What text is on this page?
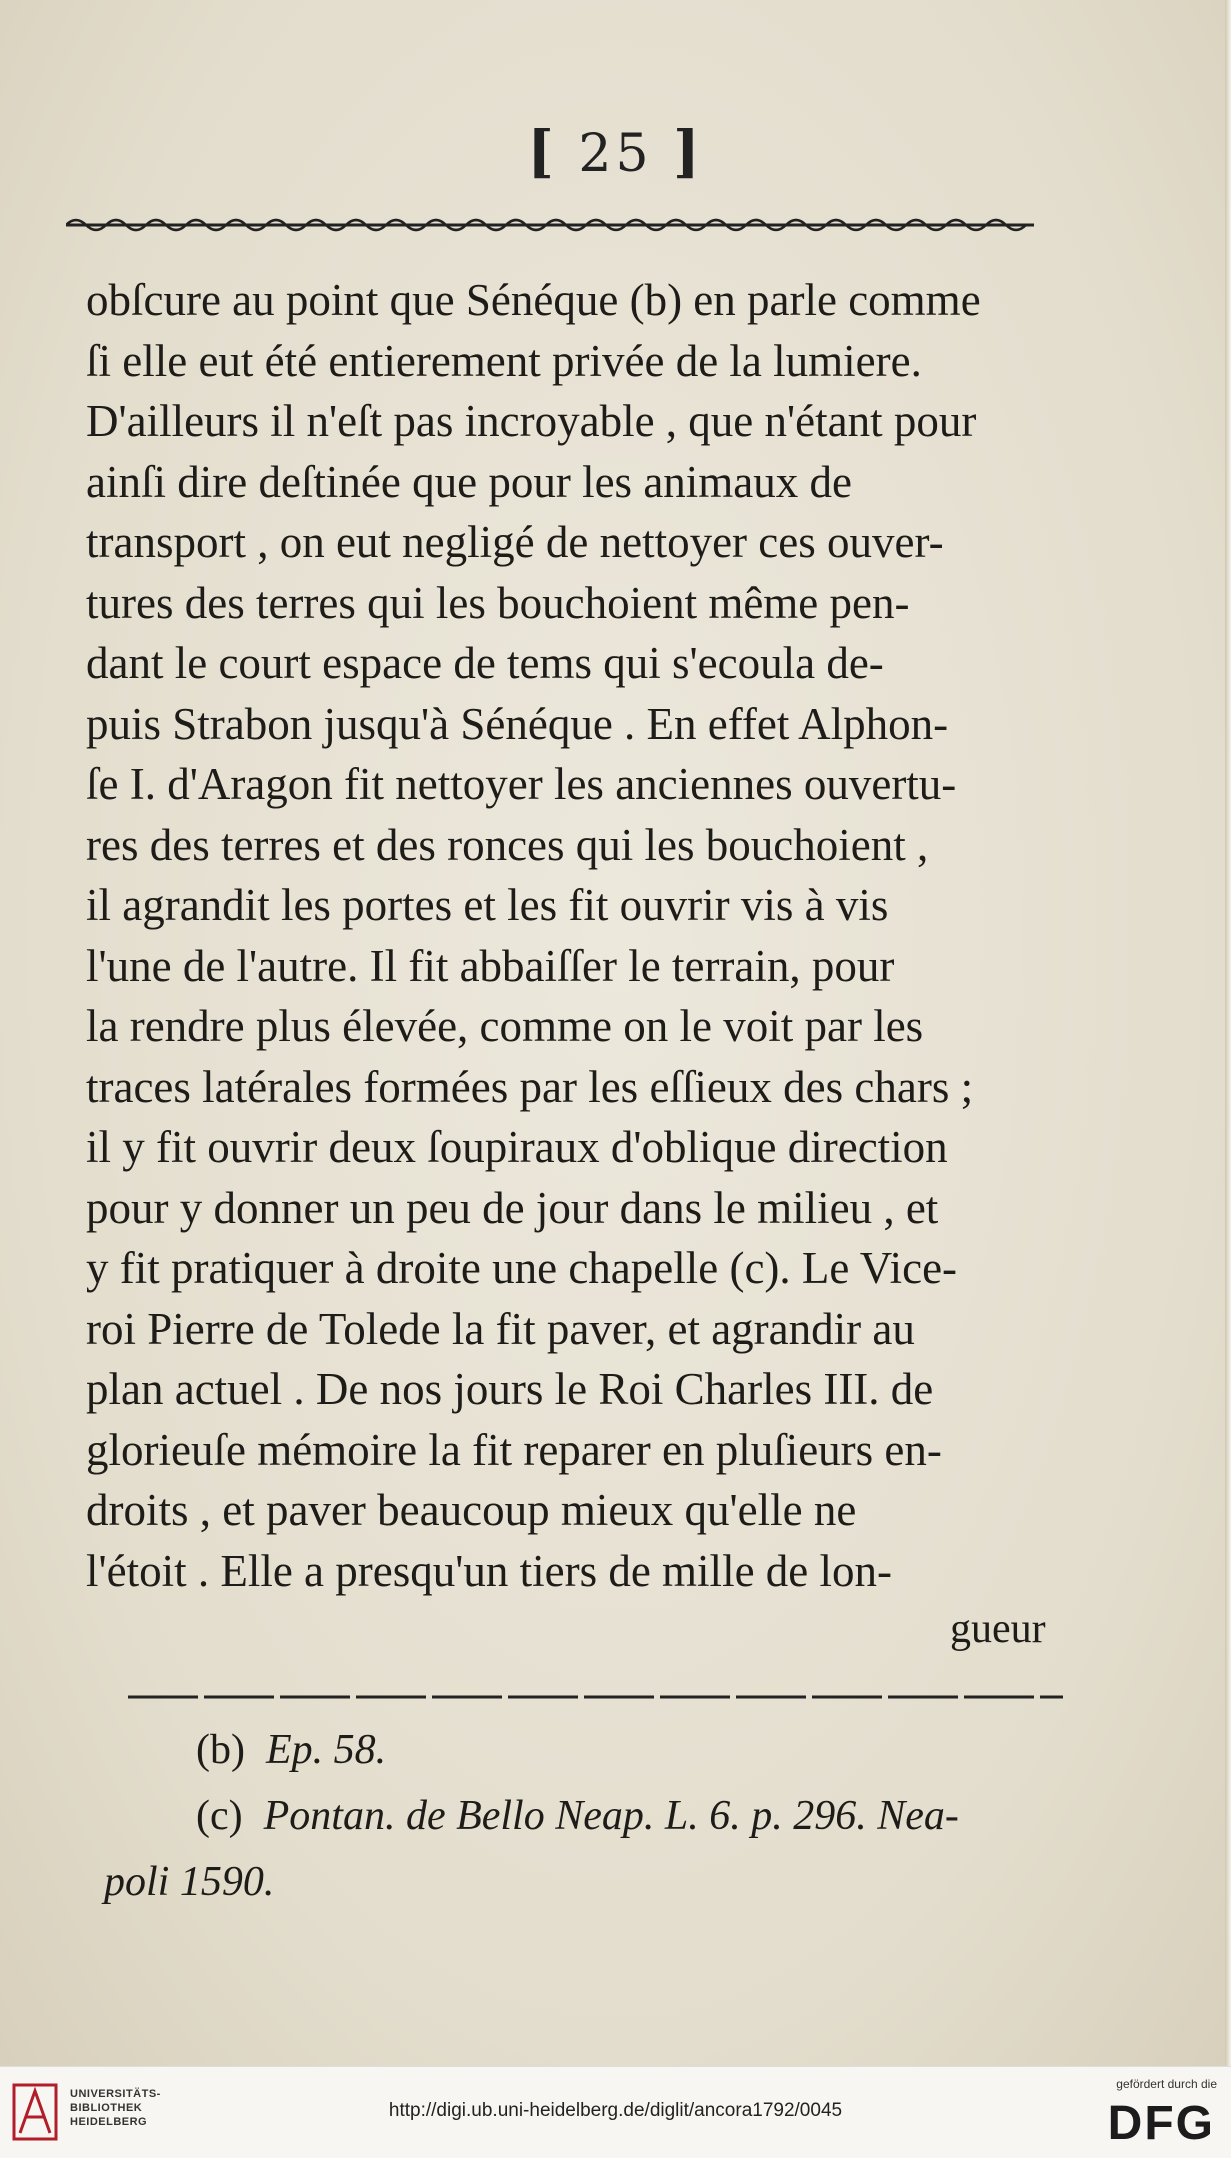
[ 25 ]
obſcure au point que Sénéque (b) en parle comme
ſi elle eut été entierement privée de la lumiere.
D'ailleurs il n'eſt pas incroyable , que n'étant pour
ainſi dire deſtinée que pour les animaux de
transport , on eut negligé de nettoyer ces ouver-
tures des terres qui les bouchoient même pen-
dant le court espace de tems qui s'ecoula de-
puis Strabon jusqu'à Sénéque . En effet Alphon-
ſe I. d'Aragon fit nettoyer les anciennes ouvertu-
res des terres et des ronces qui les bouchoient ,
il agrandit les portes et les fit ouvrir vis à vis
l'une de l'autre. Il fit abbaiſſer le terrain, pour
la rendre plus élevée, comme on le voit par les
traces latérales formées par les eſſieux des chars ;
il y fit ouvrir deux ſoupiraux d'oblique direction
pour y donner un peu de jour dans le milieu , et
y fit pratiquer à droite une chapelle (c). Le Vice-
roi Pierre de Tolede la fit paver, et agrandir au
plan actuel . De nos jours le Roi Charles III. de
glorieuſe mémoire la fit reparer en pluſieurs en-
droits , et paver beaucoup mieux qu'elle ne
l'étoit . Elle a presqu'un tiers de mille de lon-
gueur
(b) Ep. 58.
(c) Pontan. de Bello Neap. L. 6. p. 296. Nea-
poli 1590.
UNIVERSITÄTS-
BIBLIOTHEK
HEIDELBERG
http://digi.ub.uni-heidelberg.de/diglit/ancora1792/0045
gefördert durch die
DFG
